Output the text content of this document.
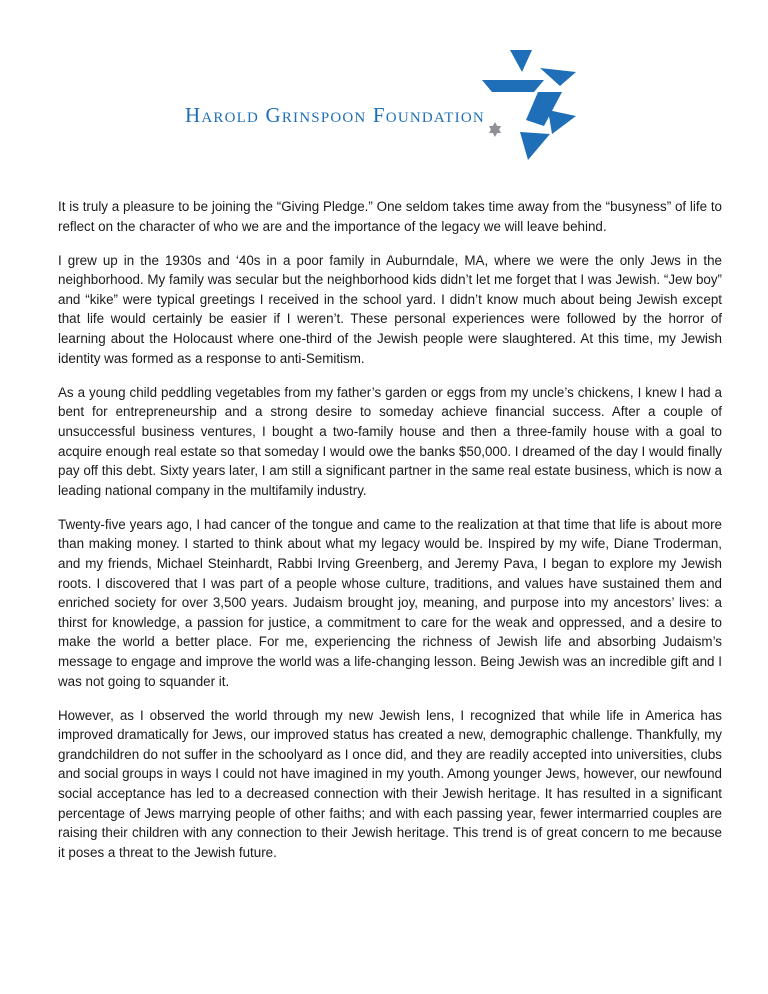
Harold Grinspoon Foundation

It is truly a pleasure to be joining the “Giving Pledge.” One seldom takes time away from the “busyness” of life to reflect on the character of who we are and the importance of the legacy we will leave behind.

I grew up in the 1930s and ‘40s in a poor family in Auburndale, MA, where we were the only Jews in the neighborhood. My family was secular but the neighborhood kids didn’t let me forget that I was Jewish. “Jew boy” and “kike” were typical greetings I received in the school yard. I didn’t know much about being Jewish except that life would certainly be easier if I weren’t. These personal experiences were followed by the horror of learning about the Holocaust where one-third of the Jewish people were slaughtered. At this time, my Jewish identity was formed as a response to anti-Semitism.

As a young child peddling vegetables from my father’s garden or eggs from my uncle’s chickens, I knew I had a bent for entrepreneurship and a strong desire to someday achieve financial success. After a couple of unsuccessful business ventures, I bought a two-family house and then a three-family house with a goal to acquire enough real estate so that someday I would owe the banks $50,000. I dreamed of the day I would finally pay off this debt. Sixty years later, I am still a significant partner in the same real estate business, which is now a leading national company in the multifamily industry.

Twenty-five years ago, I had cancer of the tongue and came to the realization at that time that life is about more than making money. I started to think about what my legacy would be. Inspired by my wife, Diane Troderman, and my friends, Michael Steinhardt, Rabbi Irving Greenberg, and Jeremy Pava, I began to explore my Jewish roots. I discovered that I was part of a people whose culture, traditions, and values have sustained them and enriched society for over 3,500 years. Judaism brought joy, meaning, and purpose into my ancestors’ lives: a thirst for knowledge, a passion for justice, a commitment to care for the weak and oppressed, and a desire to make the world a better place. For me, experiencing the richness of Jewish life and absorbing Judaism’s message to engage and improve the world was a life-changing lesson. Being Jewish was an incredible gift and I was not going to squander it.

However, as I observed the world through my new Jewish lens, I recognized that while life in America has improved dramatically for Jews, our improved status has created a new, demographic challenge. Thankfully, my grandchildren do not suffer in the schoolyard as I once did, and they are readily accepted into universities, clubs and social groups in ways I could not have imagined in my youth. Among younger Jews, however, our newfound social acceptance has led to a decreased connection with their Jewish heritage. It has resulted in a significant percentage of Jews marrying people of other faiths; and with each passing year, fewer intermarried couples are raising their children with any connection to their Jewish heritage. This trend is of great concern to me because it poses a threat to the Jewish future.
